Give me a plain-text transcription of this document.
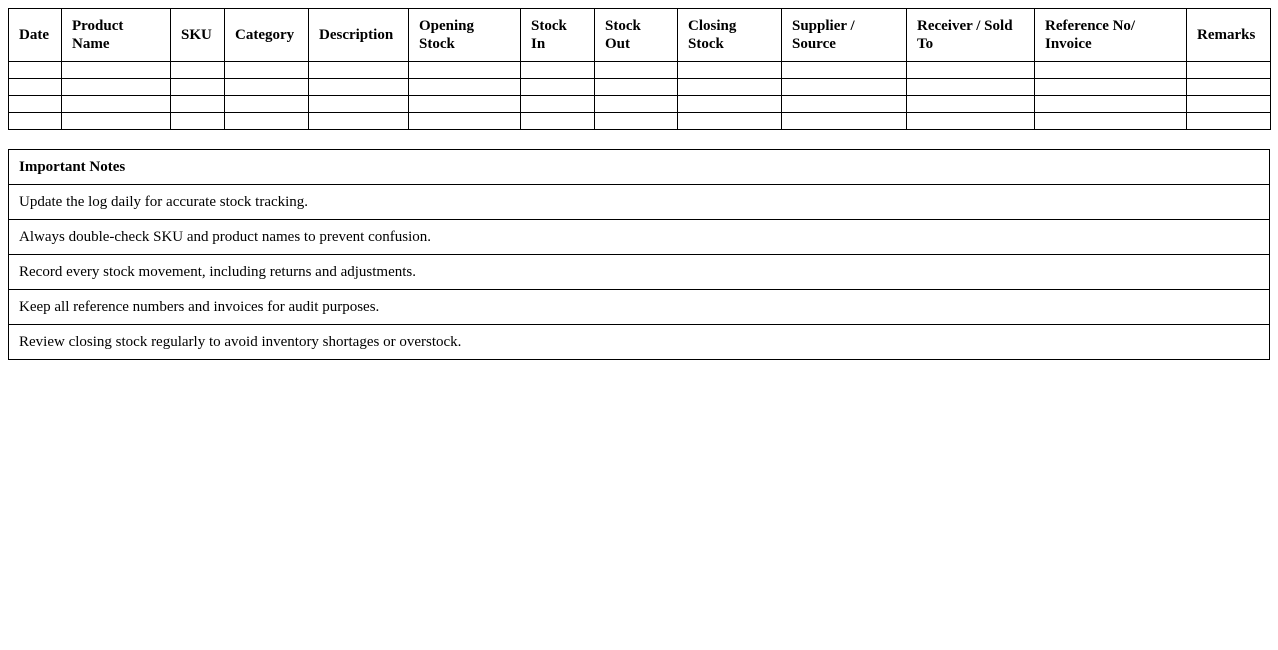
Date	Product Name	SKU	Category	Description	Opening Stock	Stock In	Stock Out	Closing Stock	Supplier / Source	Receiver / Sold To	Reference No/ Invoice	Remarks

Important Notes
Update the log daily for accurate stock tracking.
Always double-check SKU and product names to prevent confusion.
Record every stock movement, including returns and adjustments.
Keep all reference numbers and invoices for audit purposes.
Review closing stock regularly to avoid inventory shortages or overstock.
